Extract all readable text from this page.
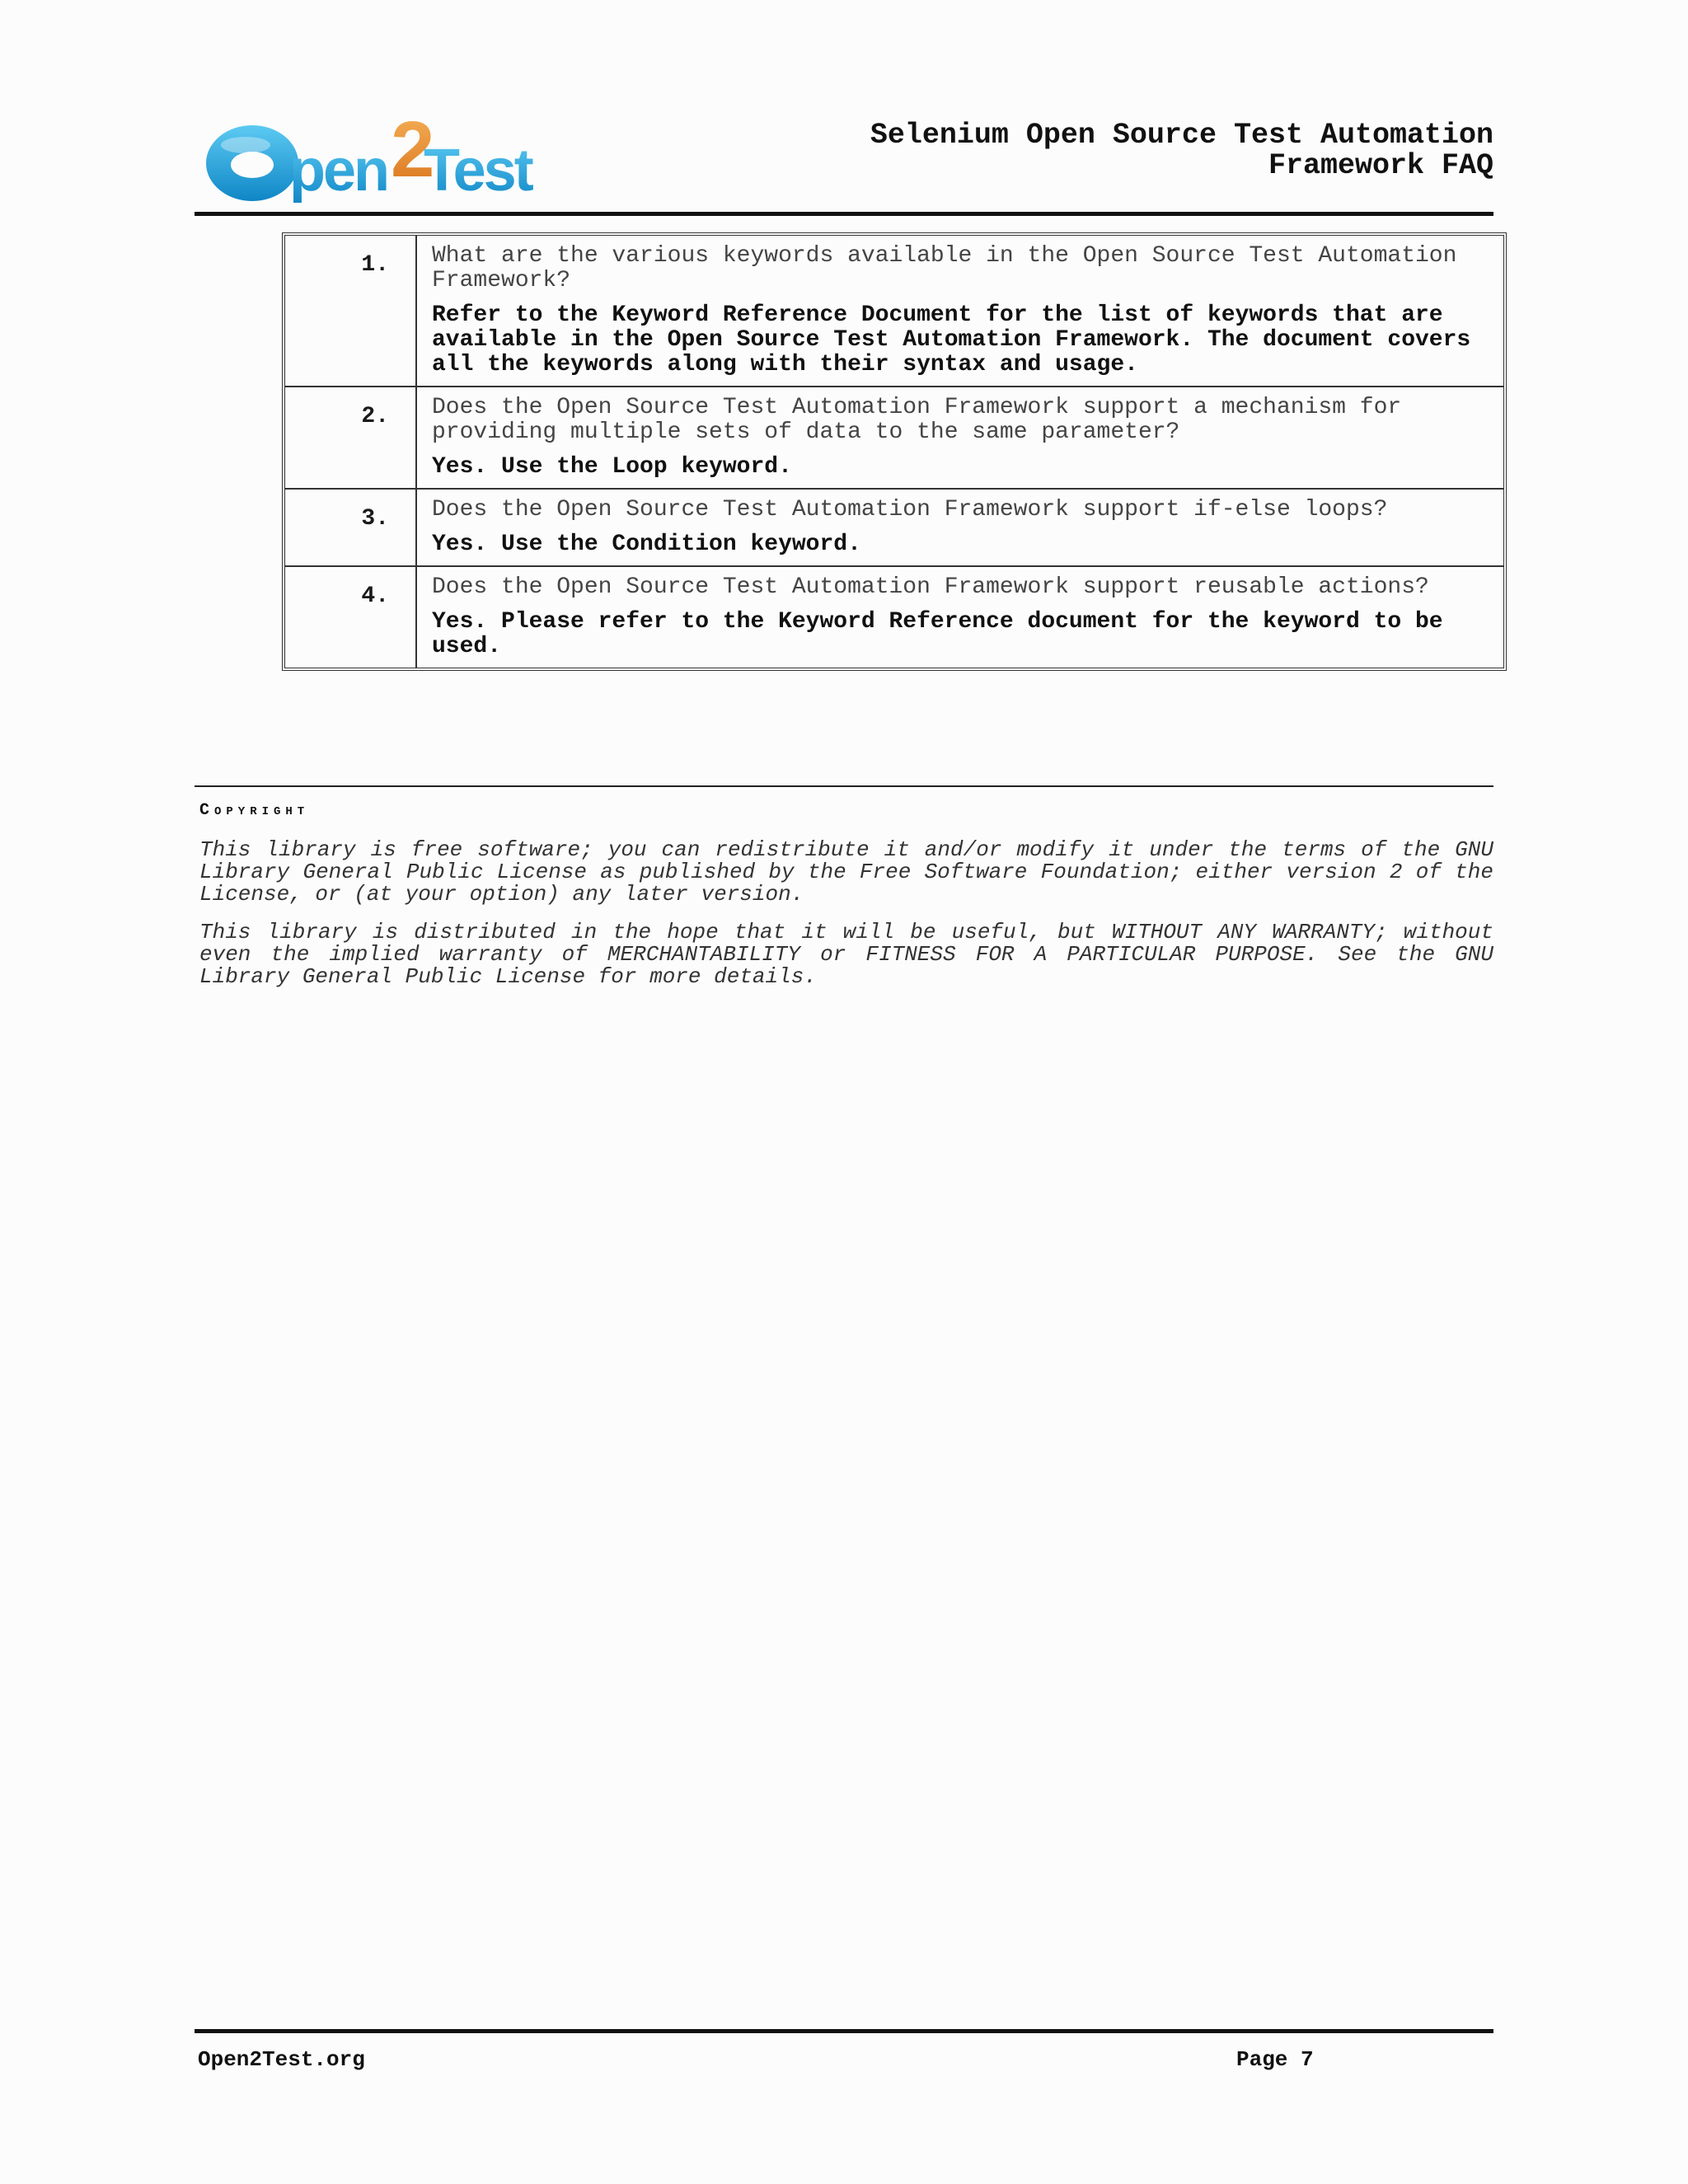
pen 2
Test
Selenium Open Source Test Automation
Framework FAQ
1.	What are the various keywords available in the Open Source Test Automation Framework?

Refer to the Keyword Reference Document for the list of keywords that are available in the Open Source Test Automation Framework. The document covers all the keywords along with their syntax and usage.

2.	Does the Open Source Test Automation Framework support a mechanism for providing multiple sets of data to the same parameter?

Yes. Use the Loop keyword.

3.	Does the Open Source Test Automation Framework support if-else loops?

Yes. Use the Condition keyword.

4.	Does the Open Source Test Automation Framework support reusable actions?

Yes. Please refer to the Keyword Reference document for the keyword to be used.

Copyright

This library is free software; you can redistribute it and/or modify it under the terms of the GNU Library General Public License as published by the Free Software Foundation; either version 2 of the License, or (at your option) any later version.

This library is distributed in the hope that it will be useful, but WITHOUT ANY WARRANTY; without even the implied warranty of MERCHANTABILITY or FITNESS FOR A PARTICULAR PURPOSE. See the GNU Library General Public License for more details.

Open2Test.org	Page 7
